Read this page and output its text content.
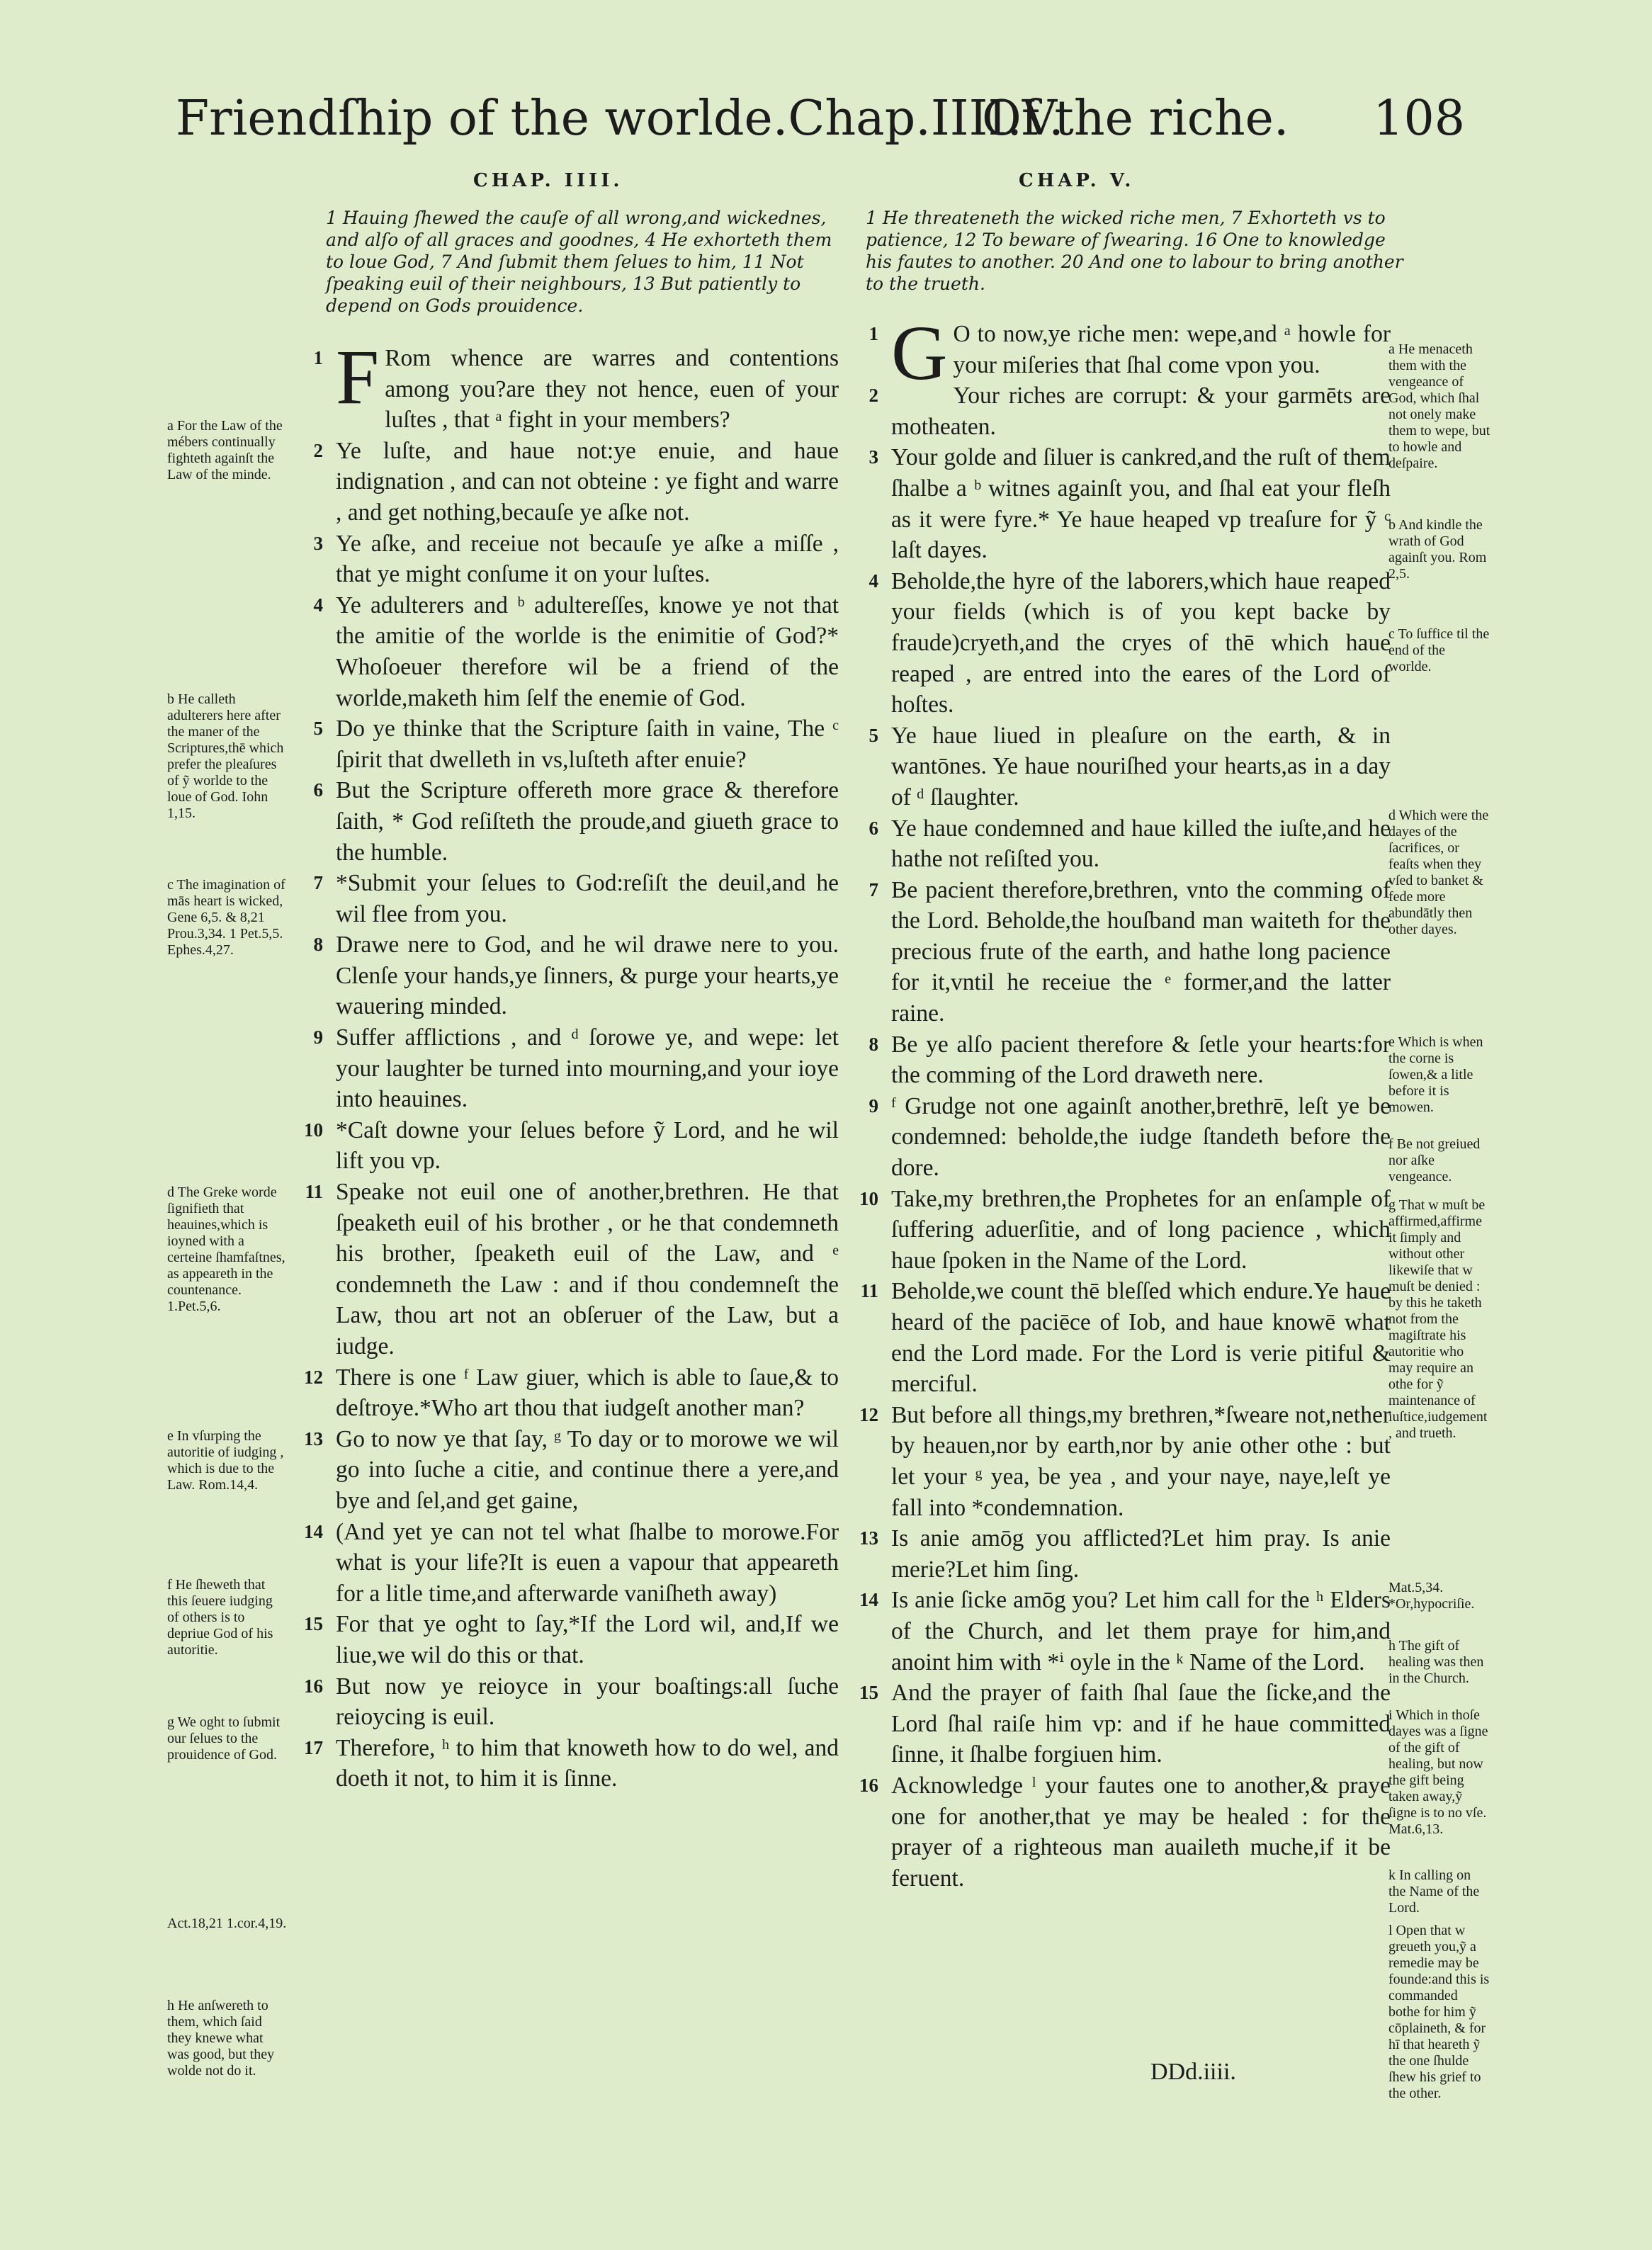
Friendſhip of the worlde.Chap.IIII.V.
Of the riche. 108
CHAP. IIII.	CHAP. V.
1 Hauing ſhewed the cauſe of all wrong,and wickednes, and alſo of all graces and goodnes, 4 He exhorteth them to loue God, 7 And ſubmit them ſelues to him, 11 Not ſpeaking euil of their neighbours, 13 But patiently to depend on Gods prouidence.
1 He threateneth the wicked riche men, 7 Exhorteth vs to patience, 12 To beware of ſwearing. 16 One to knowledge his fautes to another. 20 And one to labour to bring another to the trueth.

1 F Rom whence are warres and contentions among you?are they not hence, euen of your luſtes , that ᵃ fight in your members?

2 Ye luſte, and haue not:ye enuie, and haue indignation , and can not obteine : ye fight and warre , and get nothing,becauſe ye aſke not.

3 Ye aſke, and receiue not becauſe ye aſke a miſſe , that ye might conſume it on your luſtes.

4 Ye adulterers and ᵇ adultereſſes, knowe ye not that the amitie of the worlde is the enimitie of God?* Whoſoeuer therefore wil be a friend of the worlde,maketh him ſelf the enemie of God.

5 Do ye thinke that the Scripture ſaith in vaine, The ᶜ ſpirit that dwelleth in vs,luſteth after enuie?

6 But the Scripture offereth more grace & therefore ſaith, * God reſiſteth the proude,and giueth grace to the humble.

7 *Submit your ſelues to God:reſiſt the deuil,and he wil flee from you.

8 Drawe nere to God, and he wil drawe nere to you. Clenſe your hands,ye ſinners, & purge your hearts,ye wauering minded.

9 Suffer afflictions , and ᵈ ſorowe ye, and wepe: let your laughter be turned into mourning,and your ioye into heauines.

10 *Caſt downe your ſelues before ỹ Lord, and he wil lift you vp.

11 Speake not euil one of another,brethren. He that ſpeaketh euil of his brother , or he that condemneth his brother, ſpeaketh euil of the Law, and ᵉ condemneth the Law : and if thou condemneſt the Law, thou art not an obſeruer of the Law, but a iudge.

12 There is one ᶠ Law giuer, which is able to ſaue,& to deſtroye.*Who art thou that iudgeſt another man?

13 Go to now ye that ſay, ᵍ To day or to morowe we wil go into ſuche a citie, and continue there a yere,and bye and ſel,and get gaine,

14 (And yet ye can not tel what ſhalbe to morowe.For what is your life?It is euen a vapour that appeareth for a litle time,and afterwarde vaniſheth away)

15 For that ye oght to ſay,*If the Lord wil, and,If we liue,we wil do this or that.

16 But now ye reioyce in your boaſtings:all ſuche reioycing is euil.

17 Therefore, ʰ to him that knoweth how to do wel, and doeth it not, to him it is ſinne.

1 G O to now,ye riche men: wepe,and ᵃ howle for your miſeries that ſhal come vpon you.

2	Your riches are corrupt: & your garmēts are motheaten.

3 Your golde and ſiluer is cankred,and the ruſt of them ſhalbe a ᵇ witnes againſt you, and ſhal eat your fleſh as it were fyre.* Ye haue heaped vp treaſure for ỹ ᶜ laſt dayes.

4 Beholde,the hyre of the laborers,which haue reaped your fields (which is of you kept backe by fraude)cryeth,and the cryes of thē which haue reaped , are entred into the eares of the Lord of hoſtes.

5 Ye haue liued in pleaſure on the earth, & in wantōnes. Ye haue nouriſhed your hearts,as in a day of ᵈ ſlaughter.

6 Ye haue condemned and haue killed the iuſte,and he hathe not reſiſted you.

7 Be pacient therefore,brethren, vnto the comming of the Lord. Beholde,the houſband man waiteth for the precious frute of the earth, and hathe long pacience for it,vntil he receiue the ᵉ former,and the latter raine.

8 Be ye alſo pacient therefore & ſetle your hearts:for the comming of the Lord draweth nere.

9 ᶠ Grudge not one againſt another,brethrē, leſt ye be condemned: beholde,the iudge ſtandeth before the dore.

10 Take,my brethren,the Prophetes for an enſample of ſuffering aduerſitie, and of long pacience , which haue ſpoken in the Name of the Lord.

11 Beholde,we count thē bleſſed which endure.Ye haue heard of the paciēce of Iob, and haue knowē what end the Lord made. For the Lord is verie pitiful & merciful.

12 But before all things,my brethren,*ſweare not,nether by heauen,nor by earth,nor by anie other othe : but let your ᵍ yea, be yea , and your naye, naye,leſt ye fall into *condemnation.

13 Is anie amōg you afflicted?Let him pray. Is anie merie?Let him ſing.

14 Is anie ſicke amōg you? Let him call for the ʰ Elders of the Church, and let them praye for him,and anoint him with *ⁱ oyle in the ᵏ Name of the Lord.

15 And the prayer of faith ſhal ſaue the ſicke,and the Lord ſhal raiſe him vp: and if he haue committed ſinne, it ſhalbe forgiuen him.

16 Acknowledge ˡ your fautes one to another,& praye one for another,that ye may be healed : for the prayer of a righteous man auaileth muche,if it be feruent.

a For the Law of the mébers continually fighteth againſt the Law of the minde.
b He calleth adulterers here after the maner of the Scriptures,thē which prefer the pleaſures of ỹ worlde to the loue of God. Iohn 1,15.
c The imagination of mās heart is wicked, Gene 6,5. & 8,21 Prou.3,34. 1 Pet.5,5. Ephes.4,27.
d The Greke worde ſignifieth that heauines,which is ioyned with a certeine ſhamfaſtnes, as appeareth in the countenance. 1.Pet.5,6.
e In vſurping the autoritie of iudging , which is due to the Law. Rom.14,4.
f He ſheweth that this ſeuere iudging of others is to depriue God of his autoritie.
g We oght to ſubmit our ſelues to the prouidence of God.
Act.18,21 1.cor.4,19.
h He anſwereth to them, which ſaid they knewe what was good, but they wolde not do it.
a He menaceth them with the vengeance of God, which ſhal not onely make them to wepe, but to howle and deſpaire.
b And kindle the wrath of God againſt you. Rom 2,5.
c To ſuffice til the end of the worlde.
d Which were the dayes of the ſacrifices, or feaſts when they vſed to banket & fede more abundātly then other dayes.
e Which is when the corne is ſowen,& a litle before it is mowen.
f Be not greiued nor aſke vengeance.
g That w muſt be affirmed,affirme it ſimply and without other likewiſe that w muſt be denied : by this he taketh not from the magiſtrate his autoritie who may require an othe for ỹ maintenance of iuſtice,iudgement , and trueth.
Mat.5,34. *Or,hypocriſie.
h The gift of healing was then in the Church.
i Which in thoſe dayes was a ſigne of the gift of healing, but now the gift being taken away,ỹ ſigne is to no vſe. Mat.6,13.
k In calling on the Name of the Lord.
l Open that w greueth you,ỹ a remedie may be founde:and this is commanded bothe for him ỹ cōplaineth, & for hī that heareth ỹ the one ſhulde ſhew his grief to the other.
DDd.iiii.
